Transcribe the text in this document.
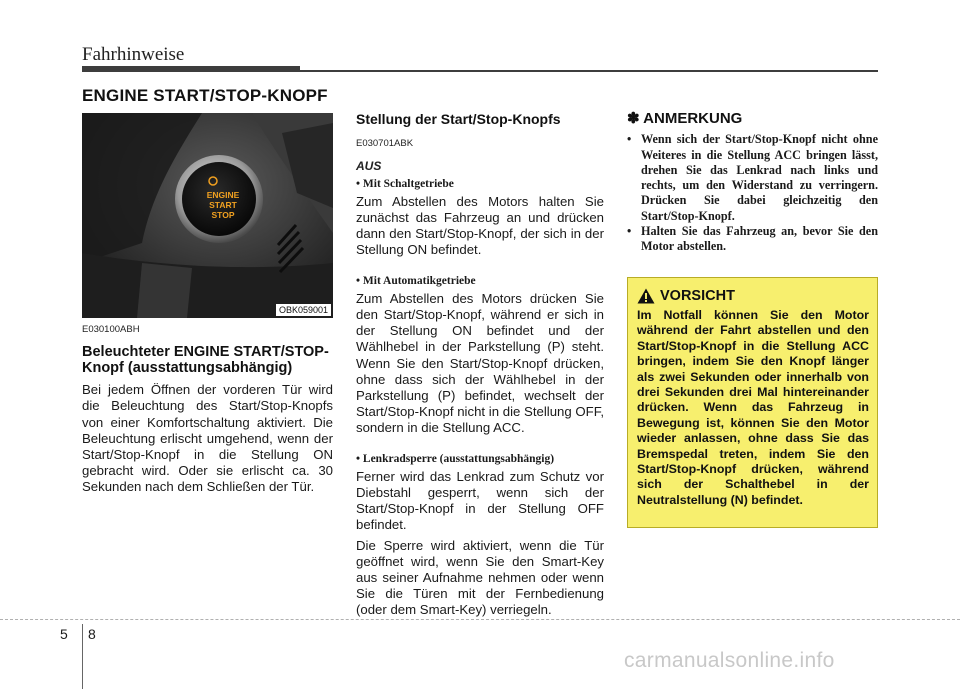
Fahrhinweise
ENGINE START/STOP-KNOPF
ENGINE
START
STOP
OBK059001
E030100ABH
Beleuchteter ENGINE START/STOP-Knopf (ausstattungsabhängig)
Bei jedem Öffnen der vorderen Tür wird die Beleuchtung des Start/Stop-Knopfs von einer Komfortschaltung aktiviert. Die Beleuchtung erlischt umgehend, wenn der Start/Stop-Knopf in die Stellung ON gebracht wird. Oder sie erlischt ca. 30 Sekunden nach dem Schließen der Tür.
Stellung der Start/Stop-Knopfs
E030701ABK
AUS
• Mit Schaltgetriebe
Zum Abstellen des Motors halten Sie zunächst das Fahrzeug an und drücken dann den Start/Stop-Knopf, der sich in der Stellung ON befindet.
• Mit Automatikgetriebe
Zum Abstellen des Motors drücken Sie den Start/Stop-Knopf, während er sich in der Stellung ON befindet und der Wählhebel in der Parkstellung (P) steht. Wenn Sie den Start/Stop-Knopf drücken, ohne dass sich der Wählhebel in der Parkstellung (P) befindet, wechselt der Start/Stop-Knopf nicht in die Stellung OFF, sondern in die Stellung ACC.
• Lenkradsperre (ausstattungsabhängig)
Ferner wird das Lenkrad zum Schutz vor Diebstahl gesperrt, wenn sich der Start/Stop-Knopf in der Stellung OFF befindet.
Die Sperre wird aktiviert, wenn die Tür geöffnet wird, wenn Sie den Smart-Key aus seiner Aufnahme nehmen oder wenn Sie die Türen mit der Fernbedienung (oder dem Smart-Key) verriegeln.
✽ ANMERKUNG
• Wenn sich der Start/Stop-Knopf nicht ohne Weiteres in die Stellung ACC bringen lässt, drehen Sie das Lenkrad nach links und rechts, um den Widerstand zu verringern. Drücken Sie dabei gleichzeitig den Start/Stop-Knopf.
• Halten Sie das Fahrzeug an, bevor Sie den Motor abstellen.
VORSICHT
Im Notfall können Sie den Motor während der Fahrt abstellen und den Start/Stop-Knopf in die Stellung ACC bringen, indem Sie den Knopf länger als zwei Sekunden oder innerhalb von drei Sekunden drei Mal hintereinander drücken. Wenn das Fahrzeug in Bewegung ist, können Sie den Motor wieder anlassen, ohne dass Sie das Bremspedal treten, indem Sie den Start/Stop-Knopf drücken, während sich der Schalthebel in der Neutralstellung (N) befindet.
5 8
carmanualsonline.info
